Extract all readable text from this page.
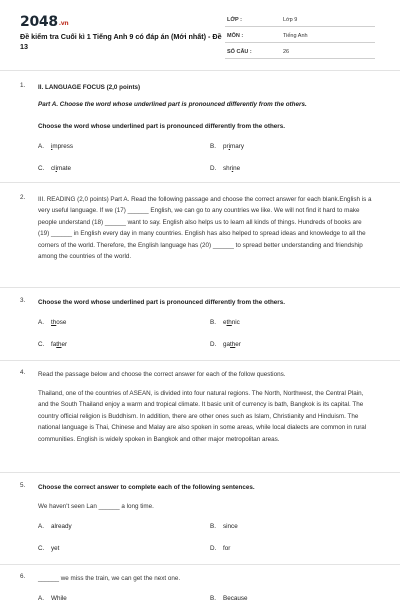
2048.vn
Đề kiểm tra Cuối kì 1 Tiếng Anh 9 có đáp án (Mới nhất) - Đề 13
LỚP :	Lớp 9
MÔN :	Tiếng Anh
SỐ CÂU :	26
1. II. LANGUAGE FOCUS (2,0 points)
Part A. Choose the word whose underlined part is pronounced differently from the others.
Choose the word whose underlined part is pronounced differently from the others.
A. impress	B. primary
C. climate	D. shrine
2. III. READING (2,0 points) Part A. Read the following passage and choose the correct answer for each blank.English is a very useful language. If we (17) ______ English, we can go to any countries we like. We will not find it hard to make people understand (18) ______ want to say. English also helps us to learn all kinds of things. Hundreds of books are (19) ______ in English every day in many countries. English has also helped to spread ideas and knowledge to all the corners of the world. Therefore, the English language has (20) ______ to spread better understanding and friendship among the countries of the world.
3. Choose the word whose underlined part is pronounced differently from the others.
A. those	B. ethnic
C. father	D. gather
4. Read the passage below and choose the correct answer for each of the follow questions.
Thailand, one of the countries of ASEAN, is divided into four natural regions. The North, Northwest, the Central Plain, and the South Thailand enjoy a warm and tropical climate. It basic unit of currency is bath, Bangkok is its capital. The country official religion is Buddhism. In addition, there are other ones such as Islam, Christianity and Hinduism. The national language is Thai, Chinese and Malay are also spoken in some areas, while local dialects are common in rural communities. English is widely spoken in Bangkok and other major metropolitan areas.
5. Choose the correct answer to complete each of the following sentences.
We haven't seen Lan ______ a long time.
A. already	B. since
C. yet	D. for
6. ______ we miss the train, we can get the next one.
A. While	B. Because
